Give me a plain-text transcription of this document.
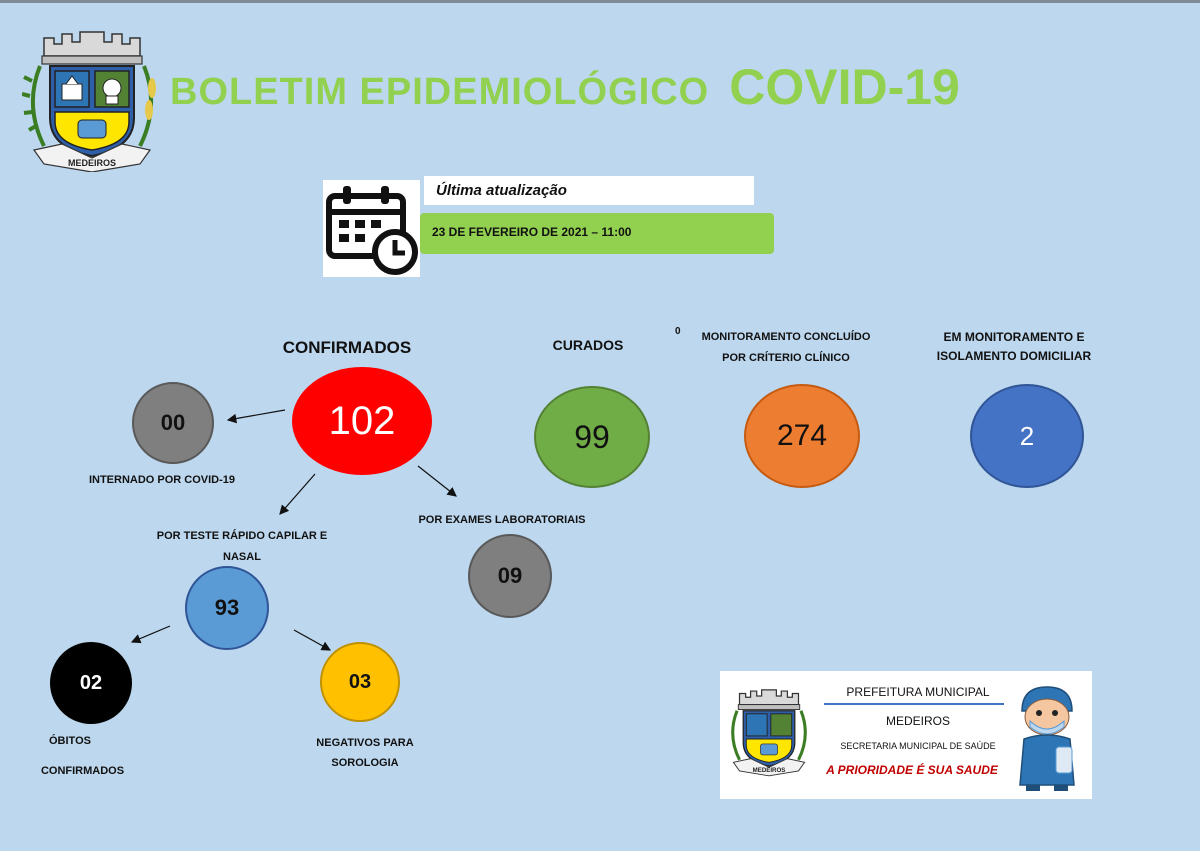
MEDEIROS
BOLETIM EPIDEMIOLÓGICO COVID-19
Última atualização
23 DE FEVEREIRO DE 2021 – 11:00
CONFIRMADOS
102
00
INTERNADO POR COVID-19
POR TESTE RÁPIDO CAPILAR E NASAL
93
POR EXAMES LABORATORIAIS
09
02
ÓBITOS
CONFIRMADOS
03
NEGATIVOS PARA
SOROLOGIA
CURADOS
99
0	MONITORAMENTO CONCLUÍDO
POR CRÍTERIO CLÍNICO
274
EM MONITORAMENTO E
ISOLAMENTO DOMICILIAR
2
MEDEIROS
PREFEITURA MUNICIPAL
MEDEIROS
SECRETARIA MUNICIPAL DE SAÚDE
A PRIORIDADE É SUA SAUDE
